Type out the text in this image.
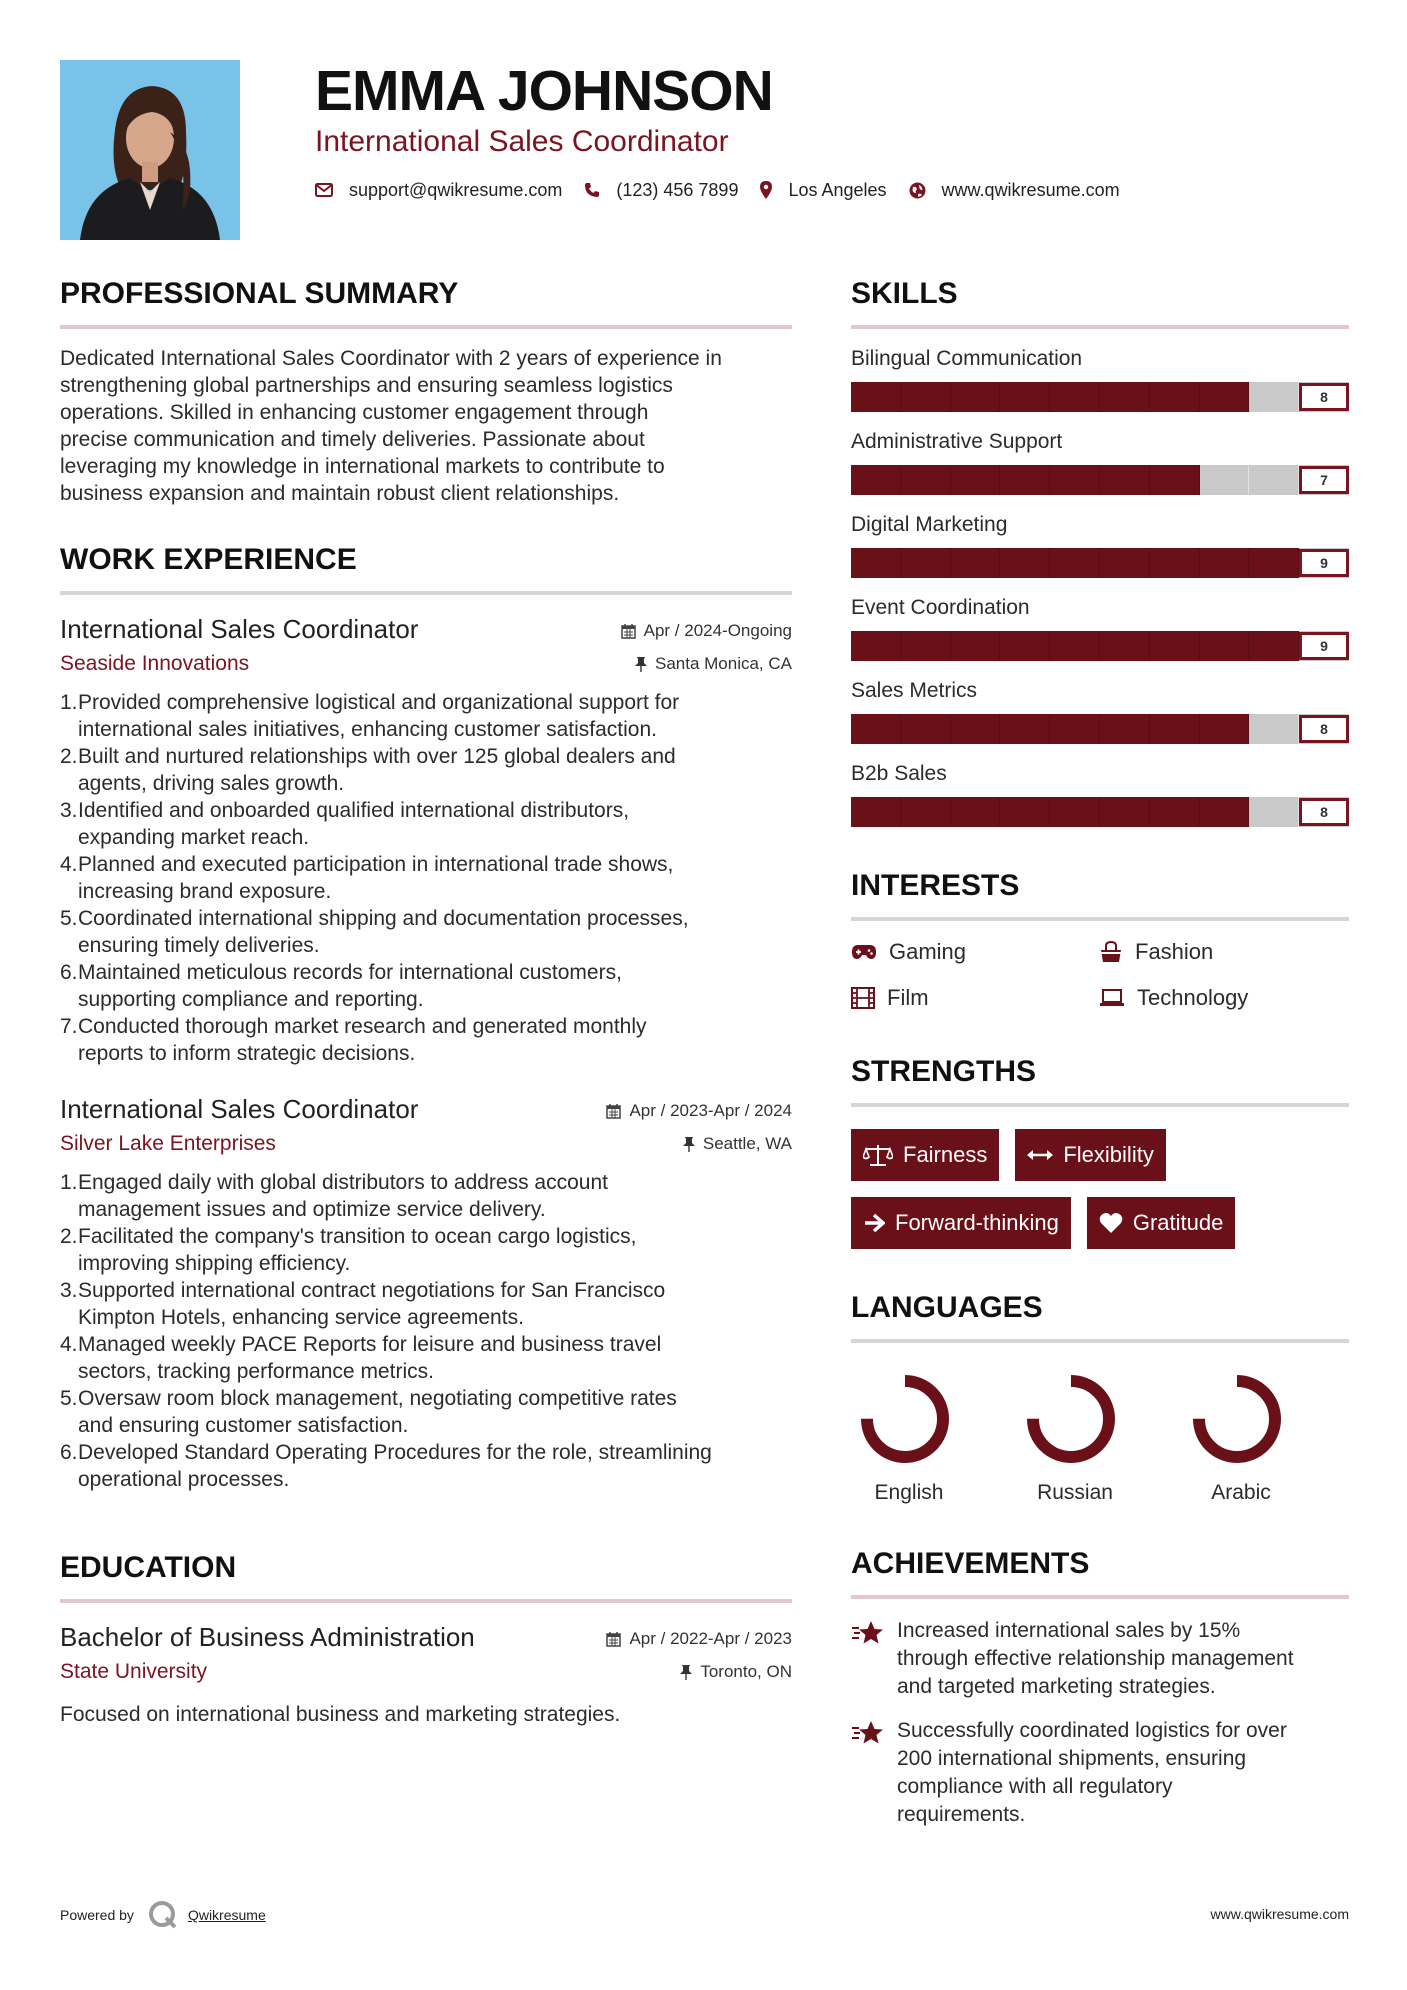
EMMA JOHNSON
International Sales Coordinator
support@qwikresume.com	(123) 456 7899	Los Angeles	www.qwikresume.com
PROFESSIONAL SUMMARY
Dedicated International Sales Coordinator with 2 years of experience in
strengthening global partnerships and ensuring seamless logistics
operations. Skilled in enhancing customer engagement through
precise communication and timely deliveries. Passionate about
leveraging my knowledge in international markets to contribute to
business expansion and maintain robust client relationships.
WORK EXPERIENCE
International Sales Coordinator	Apr / 2024-Ongoing
Seaside Innovations	Santa Monica, CA
1. Provided comprehensive logistical and organizational support for
international sales initiatives, enhancing customer satisfaction.
2. Built and nurtured relationships with over 125 global dealers and
agents, driving sales growth.
3. Identified and onboarded qualified international distributors,
expanding market reach.
4. Planned and executed participation in international trade shows,
increasing brand exposure.
5. Coordinated international shipping and documentation processes,
ensuring timely deliveries.
6. Maintained meticulous records for international customers,
supporting compliance and reporting.
7. Conducted thorough market research and generated monthly
reports to inform strategic decisions.
International Sales Coordinator	Apr / 2023-Apr / 2024
Silver Lake Enterprises	Seattle, WA
1. Engaged daily with global distributors to address account
management issues and optimize service delivery.
2. Facilitated the company's transition to ocean cargo logistics,
improving shipping efficiency.
3. Supported international contract negotiations for San Francisco
Kimpton Hotels, enhancing service agreements.
4. Managed weekly PACE Reports for leisure and business travel
sectors, tracking performance metrics.
5. Oversaw room block management, negotiating competitive rates
and ensuring customer satisfaction.
6. Developed Standard Operating Procedures for the role, streamlining
operational processes.
EDUCATION
Bachelor of Business Administration	Apr / 2022-Apr / 2023
State University	Toronto, ON
Focused on international business and marketing strategies.
SKILLS
Bilingual Communication
8
Administrative Support
7
Digital Marketing
9
Event Coordination
9
Sales Metrics
8
B2b Sales
8
INTERESTS
Gaming	Fashion
Film	Technology
STRENGTHS
Fairness	Flexibility
Forward-thinking	Gratitude
LANGUAGES
English	Russian	Arabic
ACHIEVEMENTS
Increased international sales by 15%
through effective relationship management
and targeted marketing strategies.
Successfully coordinated logistics for over
200 international shipments, ensuring
compliance with all regulatory
requirements.
Powered by	Qwikresume	www.qwikresume.com
